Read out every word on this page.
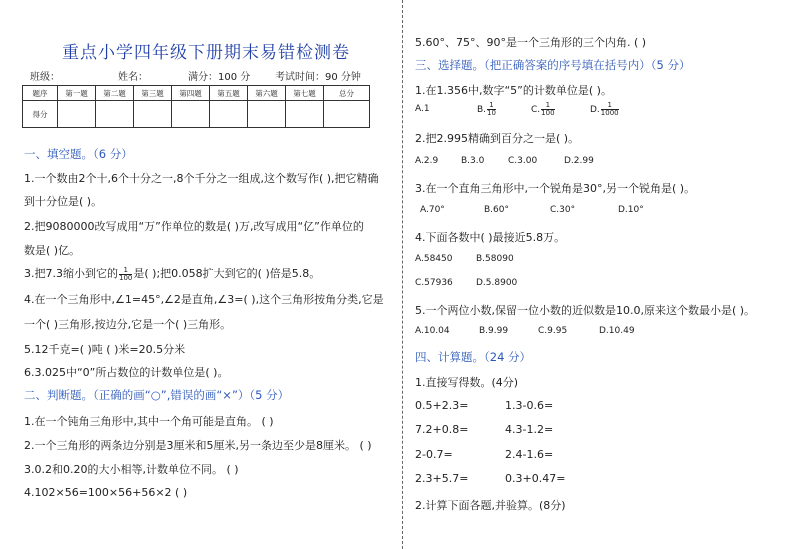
重点小学四年级下册期末易错检测卷
班级：	姓名：	满分：100 分 考试时间：90 分钟
题序	第一题	第二题	第三题	第四题	第五题	第六题	第七题	总分
得分								
一、填空题。（6 分）
1.一个数由2个十,6个十分之一,8个千分之一组成,这个数写作( ),把它精确
到十分位是( )。
2.把9080000改写成用“万”作单位的数是( )万,改写成用“亿”作单位的
数是( )亿。
3.把7.3缩小到它的 $\frac{1}{100}$ 是( );把0.058扩大到它的( )倍是5.8。
4.在一个三角形中,∠1=45°,∠2是直角,∠3=( ),这个三角形按角分类,它是
一个( )三角形,按边分,它是一个( )三角形。
5.12千克=( )吨 ( )米=20.5分米
6.3.025中“0”所占数位的计数单位是( )。
二、判断题。（正确的画“○”,错误的画“×”）（5 分）
1.在一个钝角三角形中,其中一个角可能是直角。 ( )
2.一个三角形的两条边分别是3厘米和5厘米,另一条边至少是8厘米。 ( )
3.0.2和0.20的大小相等,计数单位不同。 ( )
4.102×56=100×56+56×2 ( )
5.60°、75°、90°是一个三角形的三个内角. ( )
三、选择题。（把正确答案的序号填在括号内）（5 分）
1.在1.356中,数字“5”的计数单位是( )。
A.1	B. $\frac{1}{10}$	C. $\frac{1}{100}$	D. $\frac{1}{1000}$
2.把2.995精确到百分之一是( )。
A.2.9	B.3.0	C.3.00	D.2.99
3.在一个直角三角形中,一个锐角是30°,另一个锐角是( )。
A.70°	B.60°	C.30°	D.10°
4.下面各数中( )最接近5.8万。
A.58450	B.58090
C.57936	D.5.8900
5.一个两位小数,保留一位小数的近似数是10.0,原来这个数最小是( )。
A.10.04	B.9.99	C.9.95	D.10.49
四、计算题。（24 分）
1.直接写得数。(4分)
0.5+2.3=	1.3-0.6=
7.2+0.8=	4.3-1.2=
2-0.7=	2.4-1.6=
2.3+5.7=	0.3+0.47=
2.计算下面各题,并验算。(8分)
